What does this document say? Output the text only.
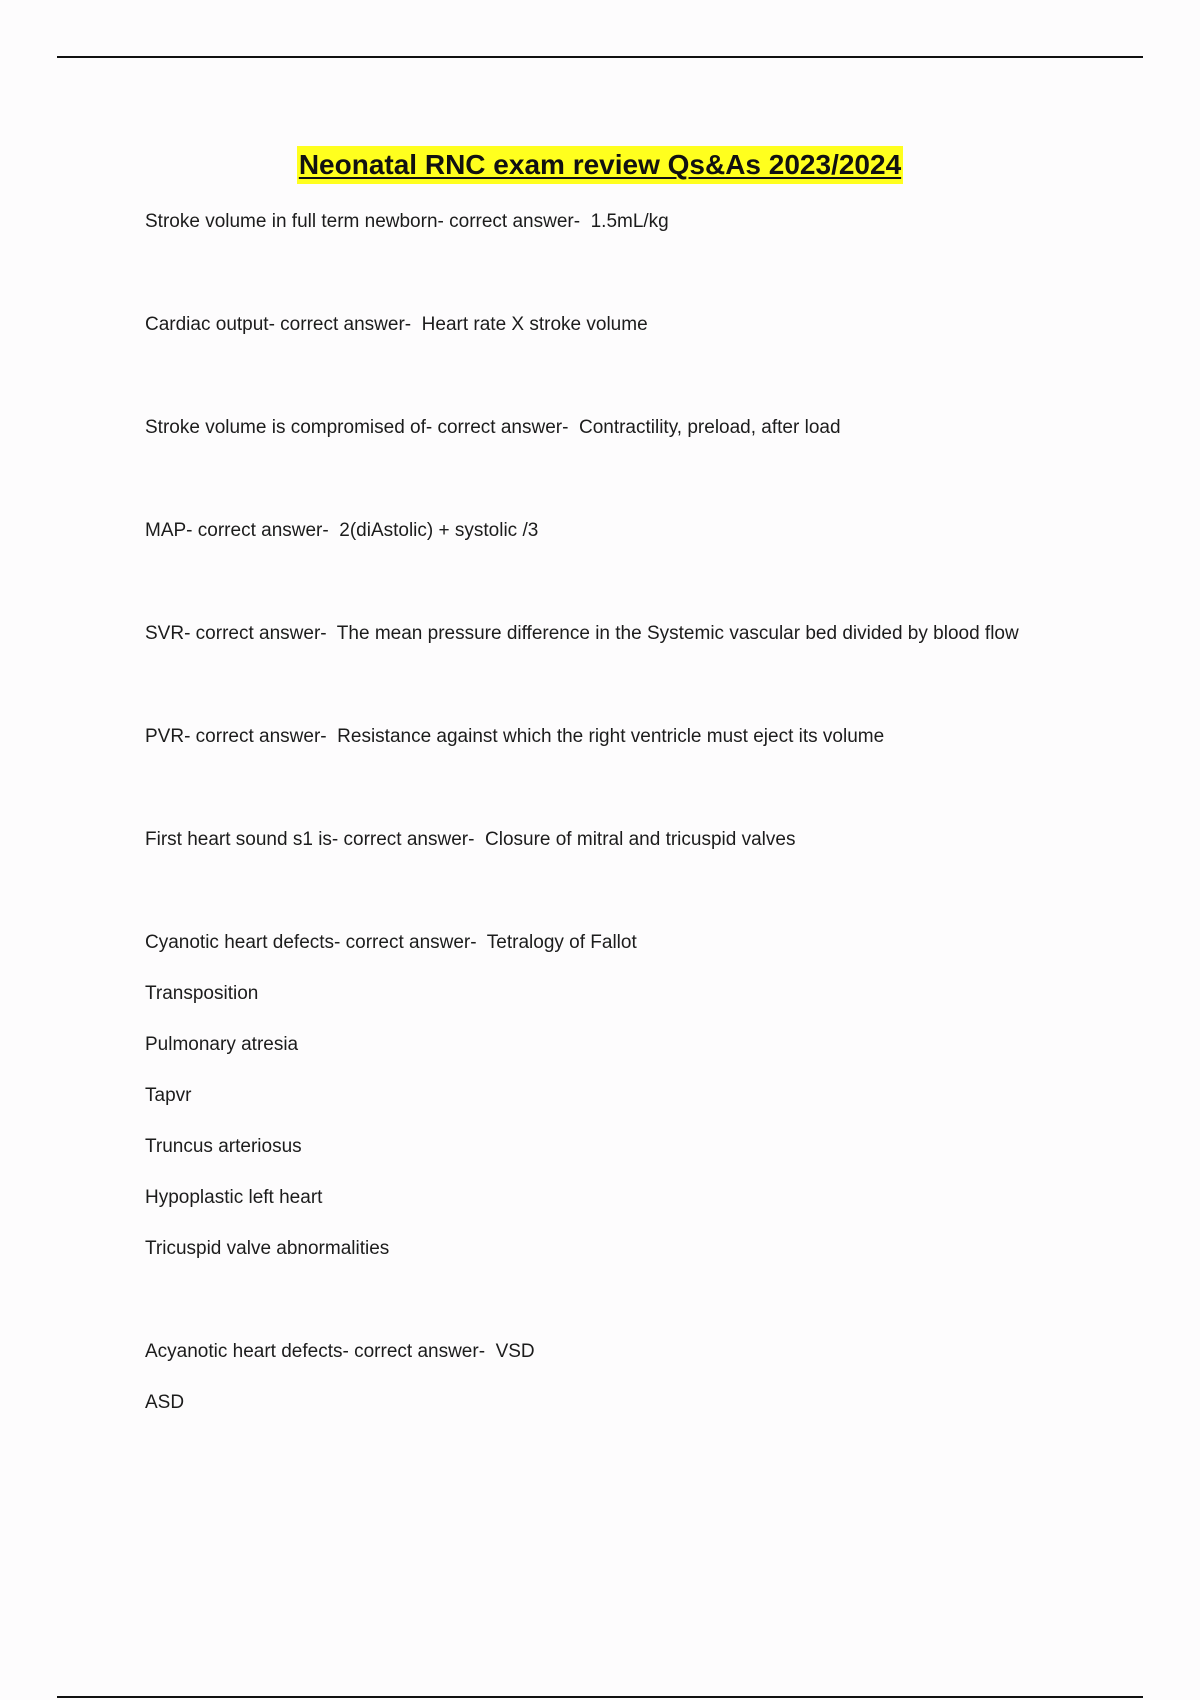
Neonatal RNC exam review Qs&As 2023/2024
Stroke volume in full term newborn- correct answer-  1.5mL/kg
Cardiac output- correct answer-  Heart rate X stroke volume
Stroke volume is compromised of- correct answer-  Contractility, preload, after load
MAP- correct answer-  2(diAstolic) + systolic /3
SVR- correct answer-  The mean pressure difference in the Systemic vascular bed divided by blood flow
PVR- correct answer-  Resistance against which the right ventricle must eject its volume
First heart sound s1 is- correct answer-  Closure of mitral and tricuspid valves
Cyanotic heart defects- correct answer-  Tetralogy of Fallot
Transposition
Pulmonary atresia
Tapvr
Truncus arteriosus
Hypoplastic left heart
Tricuspid valve abnormalities
Acyanotic heart defects- correct answer-  VSD
ASD
